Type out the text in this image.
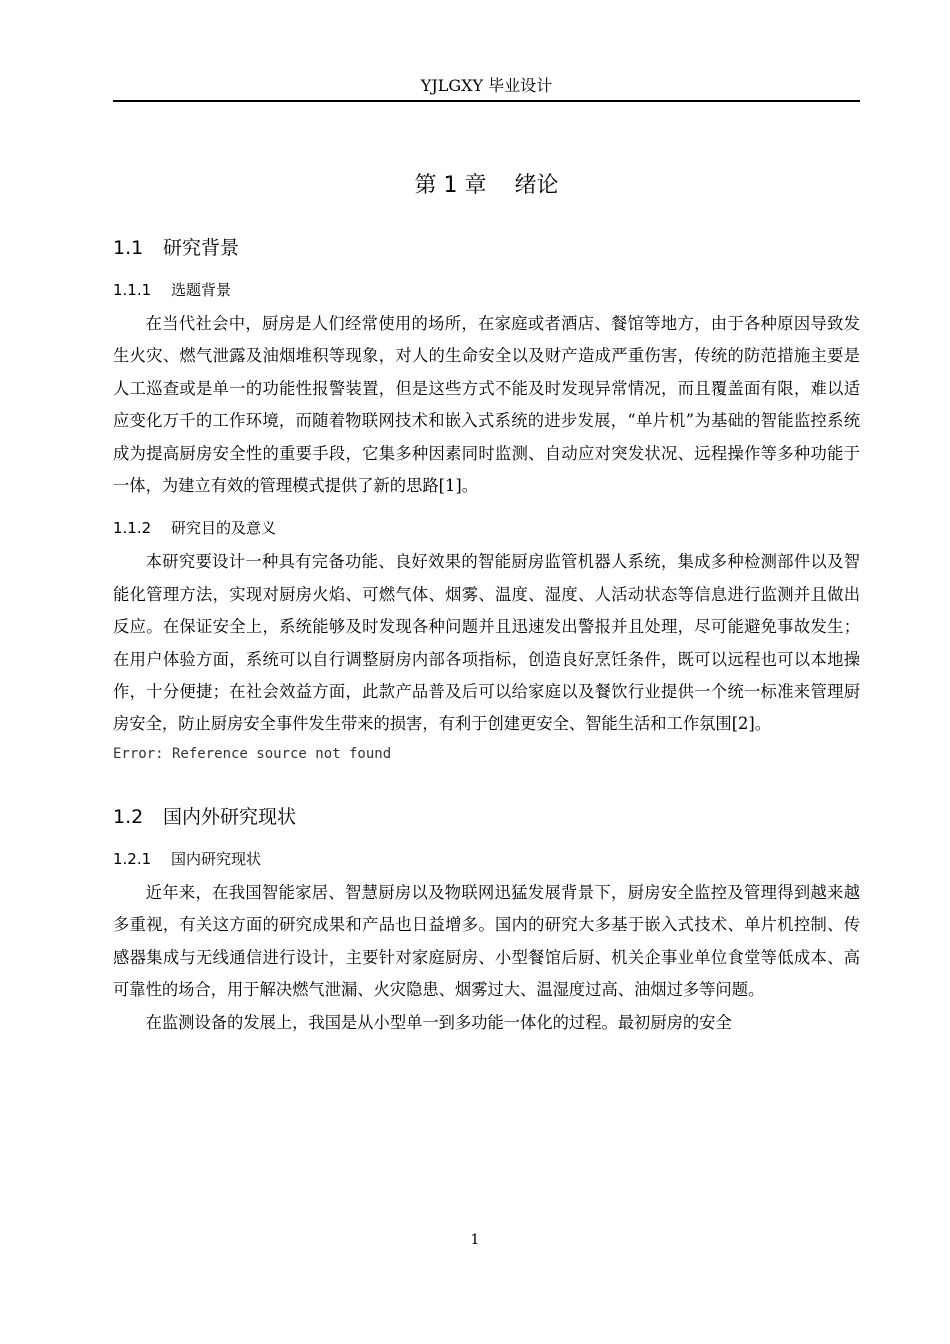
YJLGXY 毕业设计
第 1 章 绪论
1.1 研究背景
1.1.1 选题背景

在当代社会中，厨房是人们经常使用的场所，在家庭或者酒店、餐馆等地方，由于各种原因导致发生火灾、燃气泄露及油烟堆积等现象，对人的生命安全以及财产造成严重伤害，传统的防范措施主要是人工巡查或是单一的功能性报警装置，但是这些方式不能及时发现异常情况，而且覆盖面有限，难以适应变化万千的工作环境，而随着物联网技术和嵌入式系统的进步发展，“单片机”为基础的智能监控系统成为提高厨房安全性的重要手段，它集多种因素同时监测、自动应对突发状况、远程操作等多种功能于一体，为建立有效的管理模式提供了新的思路[1]。

1.1.2 研究目的及意义

本研究要设计一种具有完备功能、良好效果的智能厨房监管机器人系统，集成多种检测部件以及智能化管理方法，实现对厨房火焰、可燃气体、烟雾、温度、湿度、人活动状态等信息进行监测并且做出反应。在保证安全上，系统能够及时发现各种问题并且迅速发出警报并且处理，尽可能避免事故发生；在用户体验方面，系统可以自行调整厨房内部各项指标，创造良好烹饪条件，既可以远程也可以本地操作，十分便捷；在社会效益方面，此款产品普及后可以给家庭以及餐饮行业提供一个统一标准来管理厨房安全，防止厨房安全事件发生带来的损害，有利于创建更安全、智能生活和工作氛围[2]。

Error: Reference source not found
1.2 国内外研究现状
1.2.1 国内研究现状

近年来，在我国智能家居、智慧厨房以及物联网迅猛发展背景下，厨房安全监控及管理得到越来越多重视，有关这方面的研究成果和产品也日益增多。国内的研究大多基于嵌入式技术、单片机控制、传感器集成与无线通信进行设计，主要针对家庭厨房、小型餐馆后厨、机关企事业单位食堂等低成本、高可靠性的场合，用于解决燃气泄漏、火灾隐患、烟雾过大、温湿度过高、油烟过多等问题。

在监测设备的发展上，我国是从小型单一到多功能一体化的过程。最初厨房的安全

1
